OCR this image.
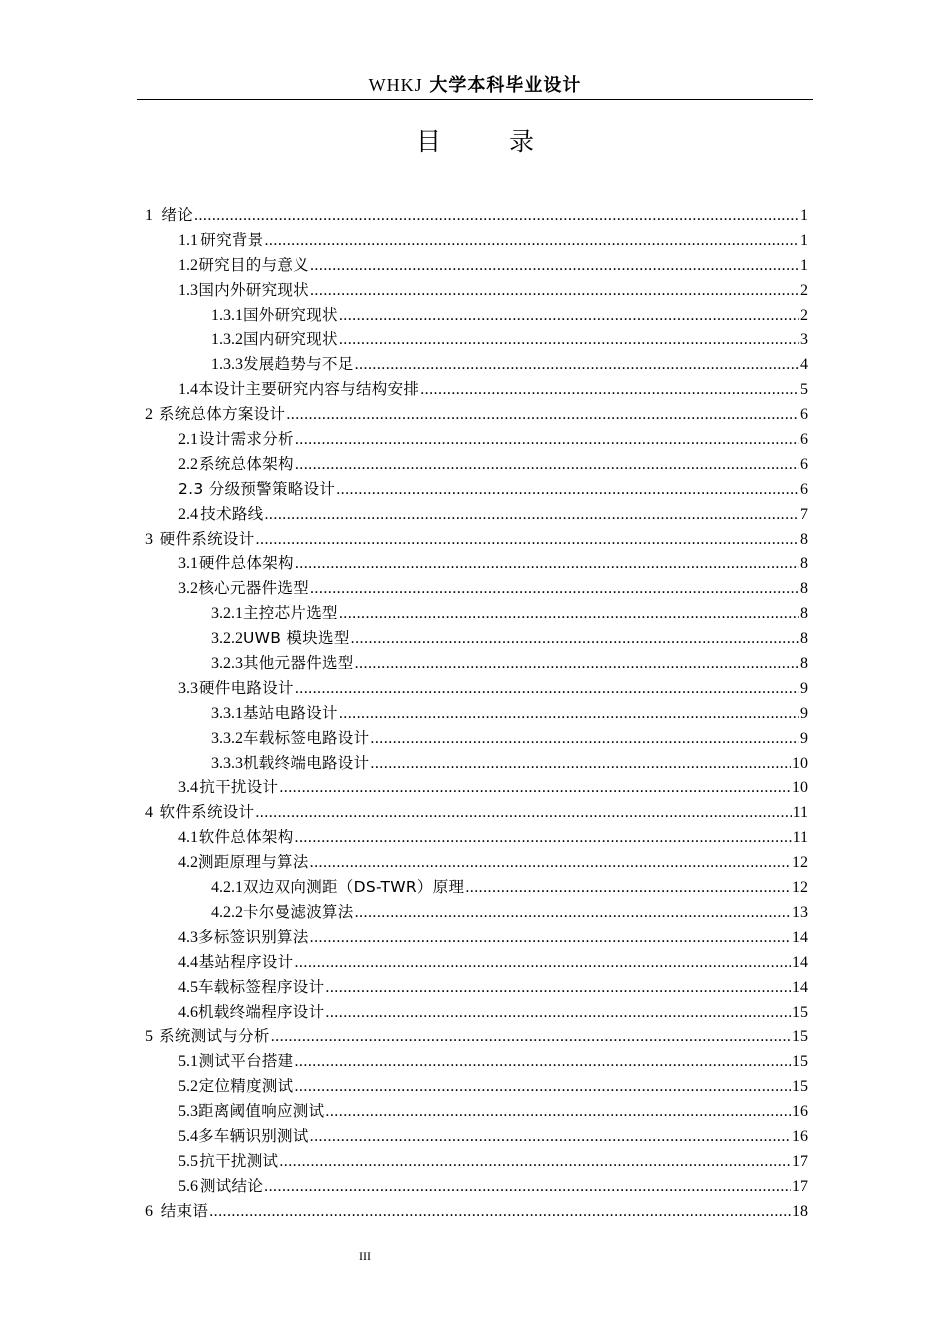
WHKJ 大学本科毕业设计
目 录
1 绪论 .....	1
1.1 研究背景 .....	1
1.2 研究目的与意义 .....	1
1.3 国内外研究现状 .....	2
1.3.1 国外研究现状 .....	2
1.3.2 国内研究现状 .....	3
1.3.3 发展趋势与不足 .....	4
1.4 本设计主要研究内容与结构安排 .....	5
2 系统总体方案设计 .....	6
2.1 设计需求分析 .....	6
2.2 系统总体架构 .....	6
2.3 分级预警策略设计 .....	6
2.4 技术路线 .....	7
3 硬件系统设计 .....	8
3.1 硬件总体架构 .....	8
3.2 核心元器件选型 .....	8
3.2.1 主控芯片选型 .....	8
3.2.2 UWB 模块选型 .....	8
3.2.3 其他元器件选型 .....	8
3.3 硬件电路设计 .....	9
3.3.1 基站电路设计 .....	9
3.3.2 车载标签电路设计 .....	9
3.3.3 机载终端电路设计 .....	10
3.4 抗干扰设计 .....	10
4 软件系统设计 .....	11
4.1 软件总体架构 .....	11
4.2 测距原理与算法 .....	12
4.2.1 双边双向测距（DS-TWR）原理 .....	12
4.2.2 卡尔曼滤波算法 .....	13
4.3 多标签识别算法 .....	14
4.4 基站程序设计 .....	14
4.5 车载标签程序设计 .....	14
4.6 机载终端程序设计 .....	15
5 系统测试与分析 .....	15
5.1 测试平台搭建 .....	15
5.2 定位精度测试 .....	15
5.3 距离阈值响应测试 .....	16
5.4 多车辆识别测试 .....	16
5.5 抗干扰测试 .....	17
5.6 测试结论 .....	17
6 结束语 .....	18
III
